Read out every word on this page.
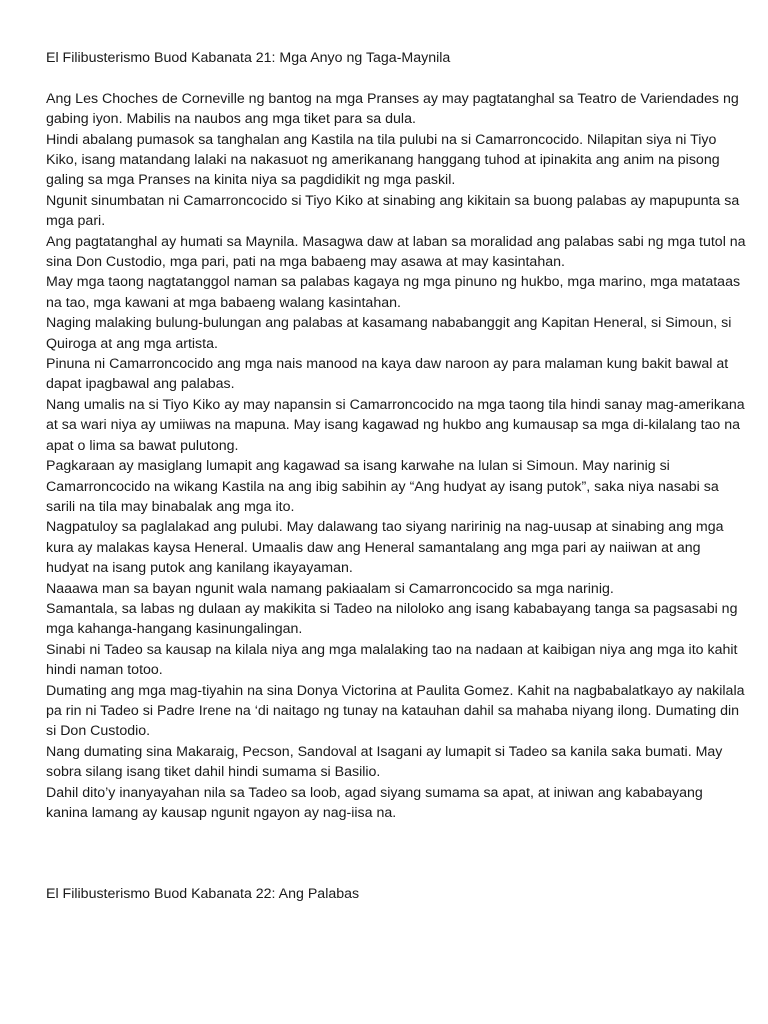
El Filibusterismo Buod Kabanata 21: Mga Anyo ng Taga-Maynila

Ang Les Choches de Corneville ng bantog na mga Pranses ay may pagtatanghal sa Teatro de Variendades ng gabing iyon. Mabilis na naubos ang mga tiket para sa dula.

Hindi abalang pumasok sa tanghalan ang Kastila na tila pulubi na si Camarroncocido. Nilapitan siya ni Tiyo Kiko, isang matandang lalaki na nakasuot ng amerikanang hanggang tuhod at ipinakita ang anim na pisong galing sa mga Pranses na kinita niya sa pagdidikit ng mga paskil.

Ngunit sinumbatan ni Camarroncocido si Tiyo Kiko at sinabing ang kikitain sa buong palabas ay mapupunta sa mga pari.

Ang pagtatanghal ay humati sa Maynila. Masagwa daw at laban sa moralidad ang palabas sabi ng mga tutol na sina Don Custodio, mga pari, pati na mga babaeng may asawa at may kasintahan.

May mga taong nagtatanggol naman sa palabas kagaya ng mga pinuno ng hukbo, mga marino, mga matataas na tao, mga kawani at mga babaeng walang kasintahan.

Naging malaking bulung-bulungan ang palabas at kasamang nababanggit ang Kapitan Heneral, si Simoun, si Quiroga at ang mga artista.

Pinuna ni Camarroncocido ang mga nais manood na kaya daw naroon ay para malaman kung bakit bawal at dapat ipagbawal ang palabas.

Nang umalis na si Tiyo Kiko ay may napansin si Camarroncocido na mga taong tila hindi sanay mag-amerikana at sa wari niya ay umiiwas na mapuna. May isang kagawad ng hukbo ang kumausap sa mga di-kilalang tao na apat o lima sa bawat pulutong.

Pagkaraan ay masiglang lumapit ang kagawad sa isang karwahe na lulan si Simoun. May narinig si Camarroncocido na wikang Kastila na ang ibig sabihin ay “Ang hudyat ay isang putok”, saka niya nasabi sa sarili na tila may binabalak ang mga ito.

Nagpatuloy sa paglalakad ang pulubi. May dalawang tao siyang naririnig na nag-uusap at sinabing ang mga kura ay malakas kaysa Heneral. Umaalis daw ang Heneral samantalang ang mga pari ay naiiwan at ang hudyat na isang putok ang kanilang ikayayaman.

Naaawa man sa bayan ngunit wala namang pakiaalam si Camarroncocido sa mga narinig.

Samantala, sa labas ng dulaan ay makikita si Tadeo na niloloko ang isang kababayang tanga sa pagsasabi ng mga kahanga-hangang kasinungalingan.

Sinabi ni Tadeo sa kausap na kilala niya ang mga malalaking tao na nadaan at kaibigan niya ang mga ito kahit hindi naman totoo.

Dumating ang mga mag-tiyahin na sina Donya Victorina at Paulita Gomez. Kahit na nagbabalatkayo ay nakilala pa rin ni Tadeo si Padre Irene na ‘di naitago ng tunay na katauhan dahil sa mahaba niyang ilong. Dumating din si Don Custodio.

Nang dumating sina Makaraig, Pecson, Sandoval at Isagani ay lumapit si Tadeo sa kanila saka bumati. May sobra silang isang tiket dahil hindi sumama si Basilio.

Dahil dito’y inanyayahan nila sa Tadeo sa loob, agad siyang sumama sa apat, at iniwan ang kababayang kanina lamang ay kausap ngunit ngayon ay nag-iisa na.

El Filibusterismo Buod Kabanata 22: Ang Palabas
